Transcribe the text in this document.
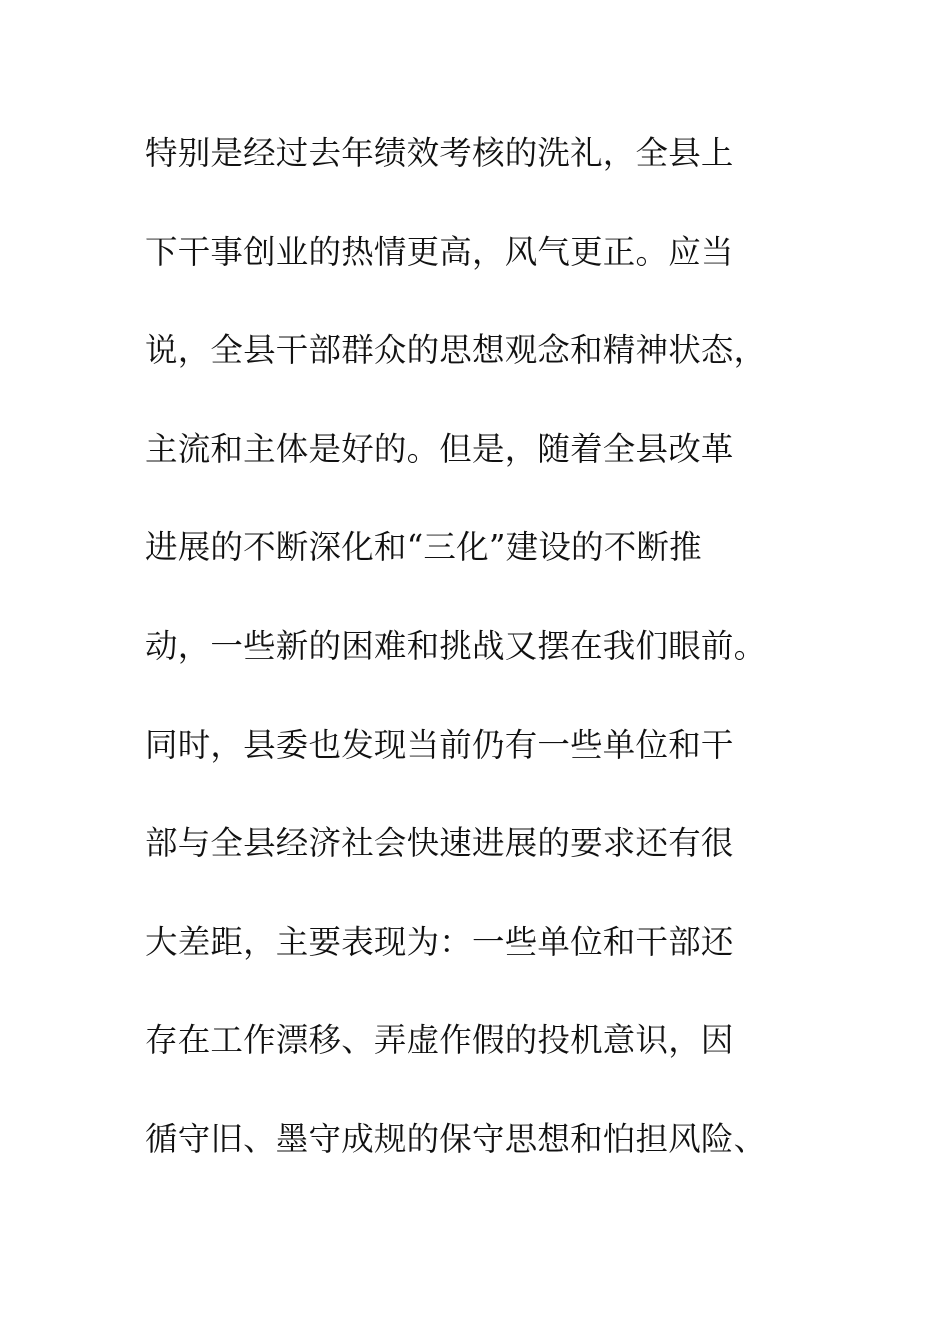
特别是经过去年绩效考核的洗礼，全县上
下干事创业的热情更高，风气更正。应当
说，全县干部群众的思想观念和精神状态，
主流和主体是好的。但是，随着全县改革
进展的不断深化和“三化”建设的不断推
动，一些新的困难和挑战又摆在我们眼前。
同时，县委也发现当前仍有一些单位和干
部与全县经济社会快速进展的要求还有很
大差距，主要表现为：一些单位和干部还
存在工作漂移、弄虚作假的投机意识，因
循守旧、墨守成规的保守思想和怕担风险、
